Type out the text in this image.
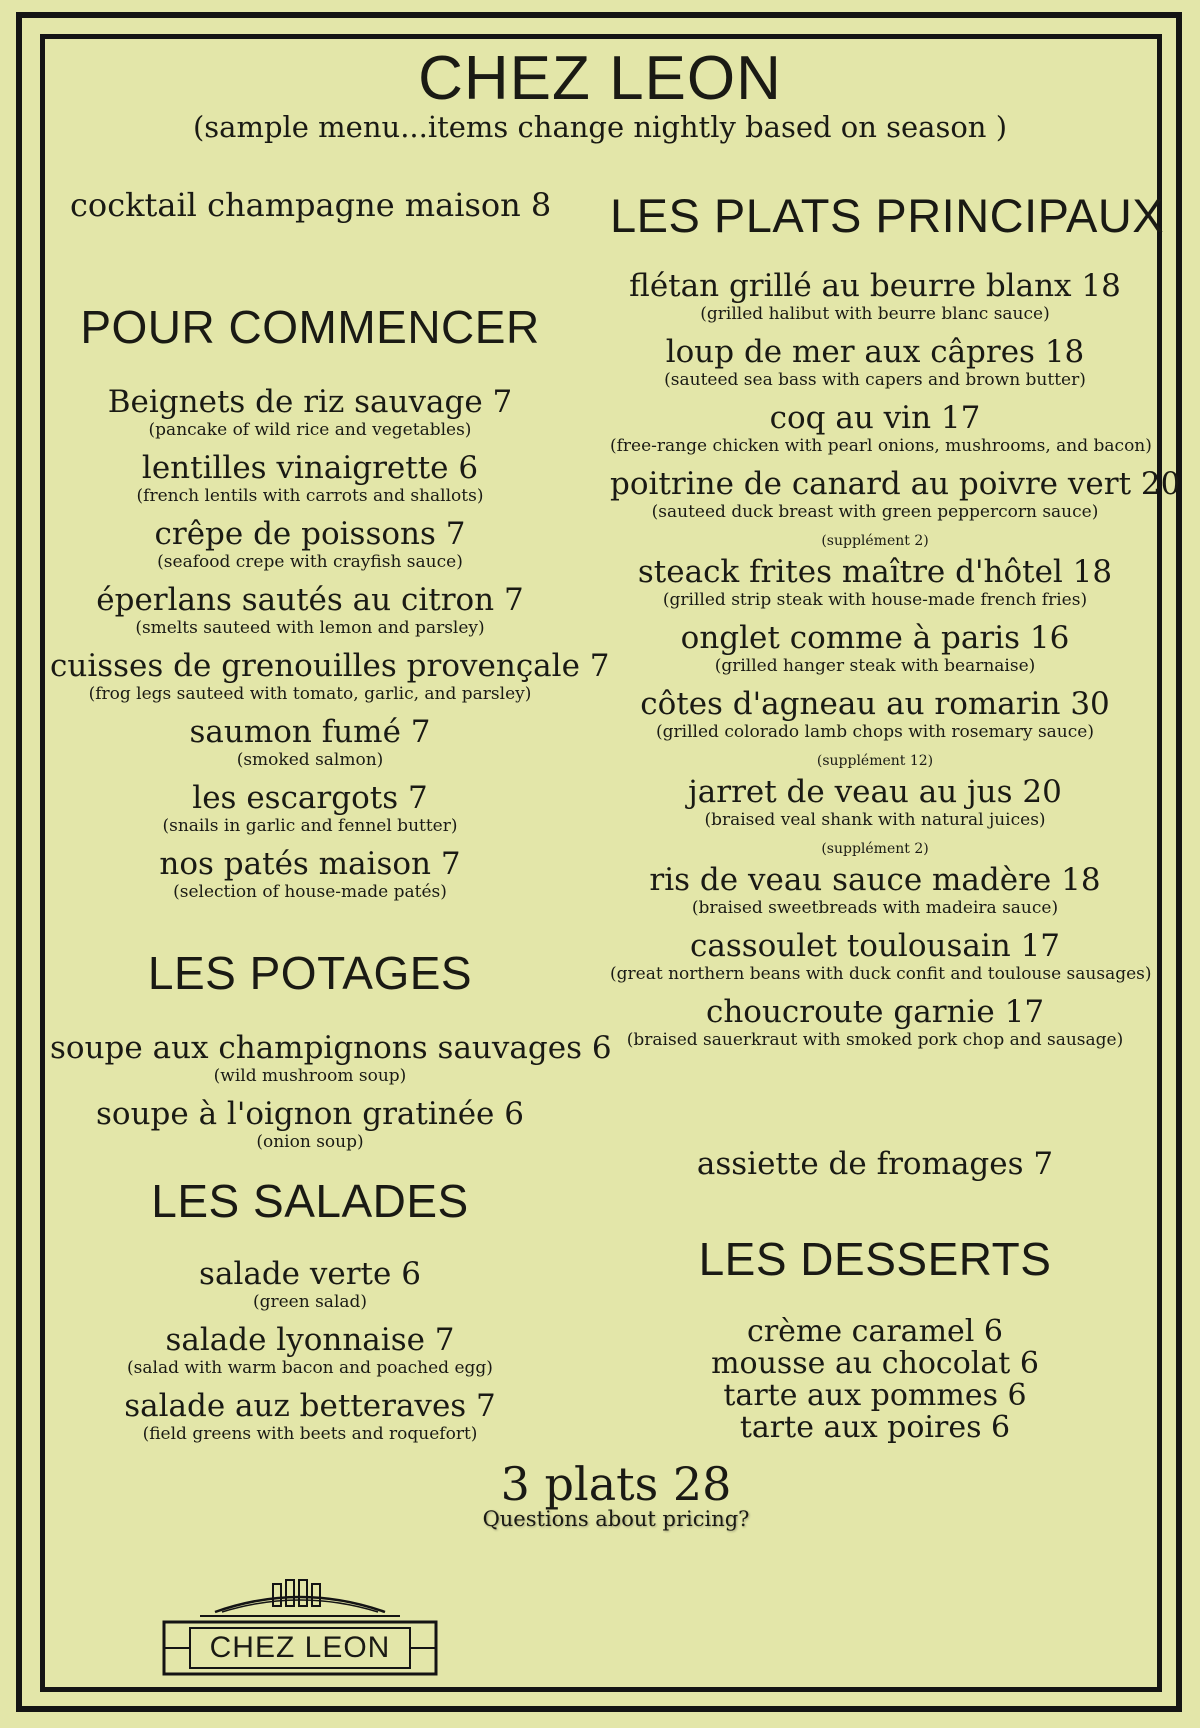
CHEZ LEON
(sample menu...items change nightly based on season )
cocktail champagne maison 8
POUR COMMENCER
Beignets de riz sauvage 7
(pancake of wild rice and vegetables)
lentilles vinaigrette 6
(french lentils with carrots and shallots)
crêpe de poissons 7
(seafood crepe with crayfish sauce)
éperlans sautés au citron 7
(smelts sauteed with lemon and parsley)
cuisses de grenouilles provençale 7
(frog legs sauteed with tomato, garlic, and parsley)
saumon fumé 7
(smoked salmon)
les escargots 7
(snails in garlic and fennel butter)
nos patés maison 7
(selection of house-made patés)
LES POTAGES
soupe aux champignons sauvages 6
(wild mushroom soup)
soupe à l'oignon gratinée 6
(onion soup)
LES SALADES
salade verte 6
(green salad)
salade lyonnaise 7
(salad with warm bacon and poached egg)
salade auz betteraves 7
(field greens with beets and roquefort)
LES PLATS PRINCIPAUX
flétan grillé au beurre blanx 18
(grilled halibut with beurre blanc sauce)
loup de mer aux câpres 18
(sauteed sea bass with capers and brown butter)
coq au vin 17
(free-range chicken with pearl onions, mushrooms, and bacon)
poitrine de canard au poivre vert 20
(sauteed duck breast with green peppercorn sauce)
(supplément 2)
steack frites maître d'hôtel 18
(grilled strip steak with house-made french fries)
onglet comme à paris 16
(grilled hanger steak with bearnaise)
côtes d'agneau au romarin 30
(grilled colorado lamb chops with rosemary sauce)
(supplément 12)
jarret de veau au jus 20
(braised veal shank with natural juices)
(supplément 2)
ris de veau sauce madère 18
(braised sweetbreads with madeira sauce)
cassoulet toulousain 17
(great northern beans with duck confit and toulouse sausages)
choucroute garnie 17
(braised sauerkraut with smoked pork chop and sausage)
assiette de fromages 7
LES DESSERTS
crème caramel 6
mousse au chocolat 6
tarte aux pommes 6
tarte aux poires 6
3 plats 28
Questions about pricing?
CHEZ LEON
